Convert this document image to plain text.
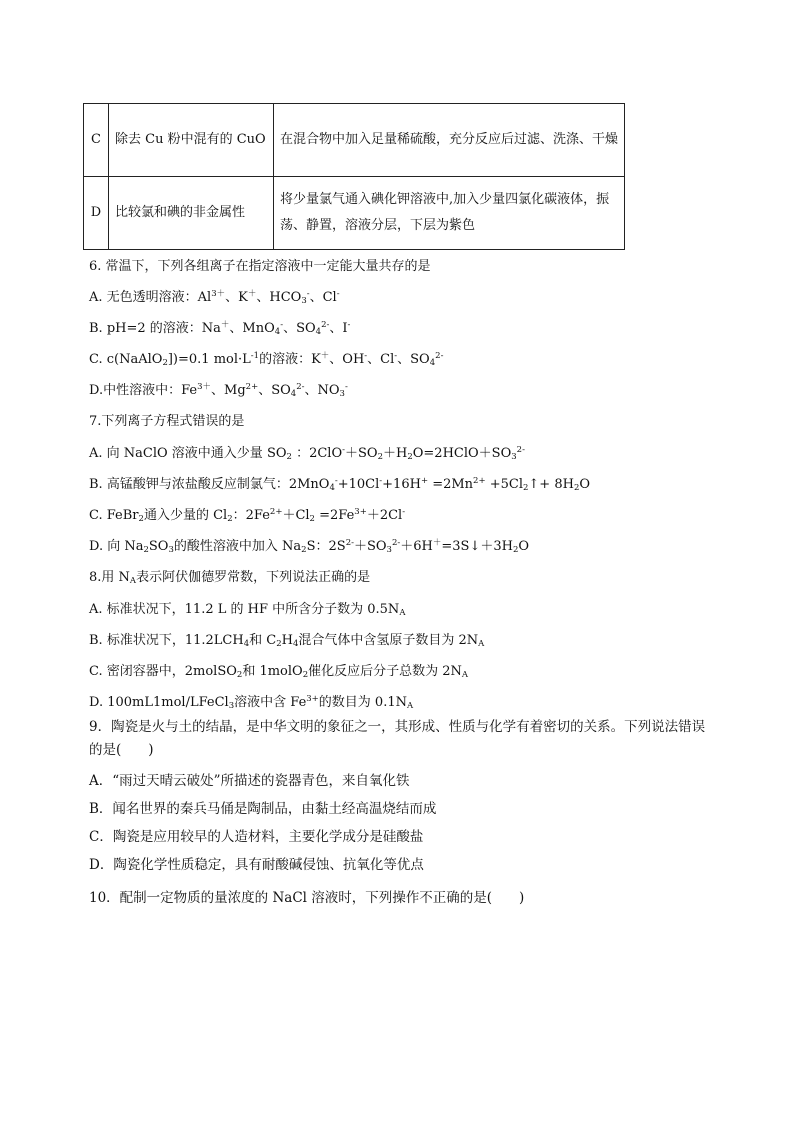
C	除去 Cu 粉中混有的 CuO	在混合物中加入足量稀硫酸，充分反应后过滤、洗涤、干燥
D	比较氯和碘的非金属性	将少量氯气通入碘化钾溶液中,加入少量四氯化碳液体，振荡、静置，溶液分层，下层为紫色
6. 常温下，下列各组离子在指定溶液中一定能大量共存的是
A. 无色透明溶液：$Al^{3+}$、K＋、$HCO_3^-$、Cl-
B. pH=2 的溶液：Na＋、MnO$_4$-、$SO_4^{2-}$、I-
C. c(NaAlO$_2$])=0.1 $mol\cdot L^{-1}$的溶液：K＋、OH-、Cl-、$SO_4^{2-}$
D.中性溶液中：$Fe^{3+}$、$Mg^{2+}$、$SO_4^{2-}$、$NO_3^-$
7.下列离子方程式错误的是
A. 向 NaClO 溶液中通入少量 $SO_2$ ：$2ClO^-+SO_2+H_2O=2HClO+SO_3^{2-}$
B. 高锰酸钾与浓盐酸反应制氯气：$2MnO_4^-+10Cl^-+16H^+ =2Mn^{2+}$ $+5Cl_2↑+ 8H_2O$
C. FeBr$_2$通入少量的 $Cl_2$：$2Fe^{2+}+Cl_2 =2Fe^{3+}+2Cl^-$
D. 向 $Na_2SO_3$的酸性溶液中加入 $Na_2S$：$2S^{2-}+SO_3^{2-}+6H^+=3S↓+3H_2O$
8.用 $N_A$表示阿伏伽德罗常数，下列说法正确的是
A. 标准状况下，11.2 L 的 HF 中所含分子数为 $0.5N_A$
B. 标准状况下，$11.2LCH_4$和 $C_2H_4$混合气体中含氢原子数目为 $2N_A$
C. 密闭容器中，2molSO$_2$和 1molO$_2$催化反应后分子总数为 $2N_A$
D. 100mL1mol/LFeCl$_3$溶液中含 $Fe^{3+}$的数目为 $0.1N_A$
9．陶瓷是火与土的结晶，是中华文明的象征之一，其形成、性质与化学有着密切的关系。下列说法错误的是(　　)
A．“雨过天晴云破处”所描述的瓷器青色，来自氧化铁
B．闻名世界的秦兵马俑是陶制品，由黏土经高温烧结而成
C．陶瓷是应用较早的人造材料，主要化学成分是硅酸盐
D．陶瓷化学性质稳定，具有耐酸碱侵蚀、抗氧化等优点
10．配制一定物质的量浓度的 NaCl 溶液时，下列操作不正确的是(　　)
